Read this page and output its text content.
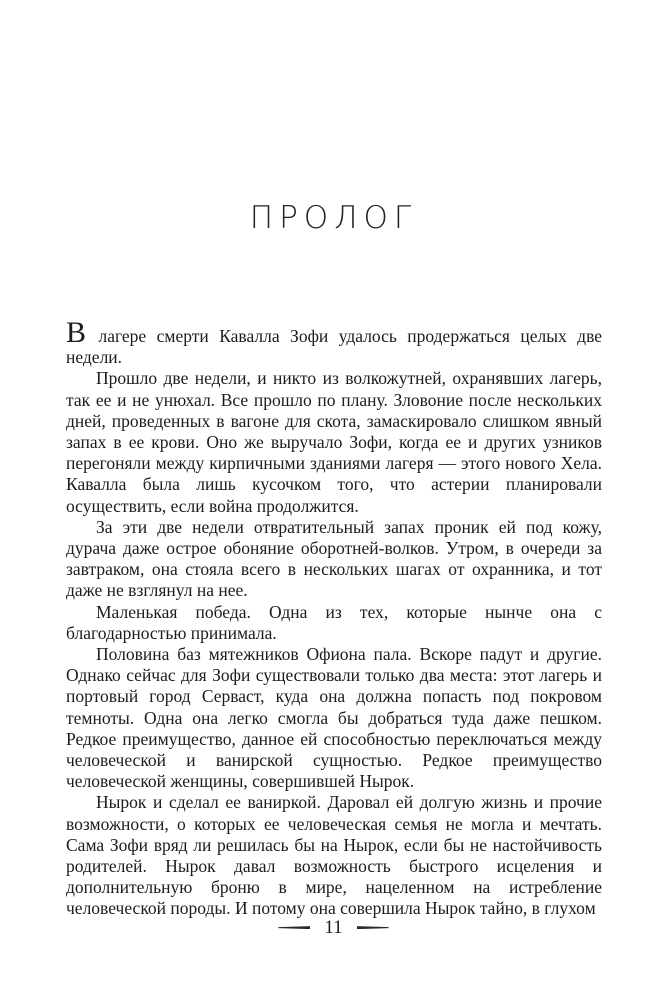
ПРОЛОГ

В лагере смерти Кавалла Зофи удалось продержаться целых две недели.

Прошло две недели, и никто из волкожутней, охранявших лагерь, так ее и не унюхал. Все прошло по плану. Зловоние после нескольких дней, проведенных в вагоне для скота, замаскировало слишком явный запах в ее крови. Оно же выручало Зофи, когда ее и других узников перегоняли между кирпичными зданиями лагеря — этого нового Хела. Кавалла была лишь кусочком того, что астерии планировали осуществить, если война продолжится.

За эти две недели отвратительный запах проник ей под кожу, дурача даже острое обоняние оборотней-волков. Утром, в очереди за завтраком, она стояла всего в нескольких шагах от охранника, и тот даже не взглянул на нее.

Маленькая победа. Одна из тех, которые нынче она с благодарностью принимала.

Половина баз мятежников Офиона пала. Вскоре падут и другие. Однако сейчас для Зофи существовали только два места: этот лагерь и портовый город Серваст, куда она должна попасть под покровом темноты. Одна она легко смогла бы добраться туда даже пешком. Редкое преимущество, данное ей способностью переключаться между человеческой и ванирской сущностью. Редкое преимущество человеческой женщины, совершившей Нырок.

Нырок и сделал ее ваниркой. Даровал ей долгую жизнь и прочие возможности, о которых ее человеческая семья не могла и мечтать. Сама Зофи вряд ли решилась бы на Нырок, если бы не настойчивость родителей. Нырок давал возможность быстрого исцеления и дополнительную броню в мире, нацеленном на истребление человеческой породы. И потому она совершила Нырок тайно, в глухом

11
